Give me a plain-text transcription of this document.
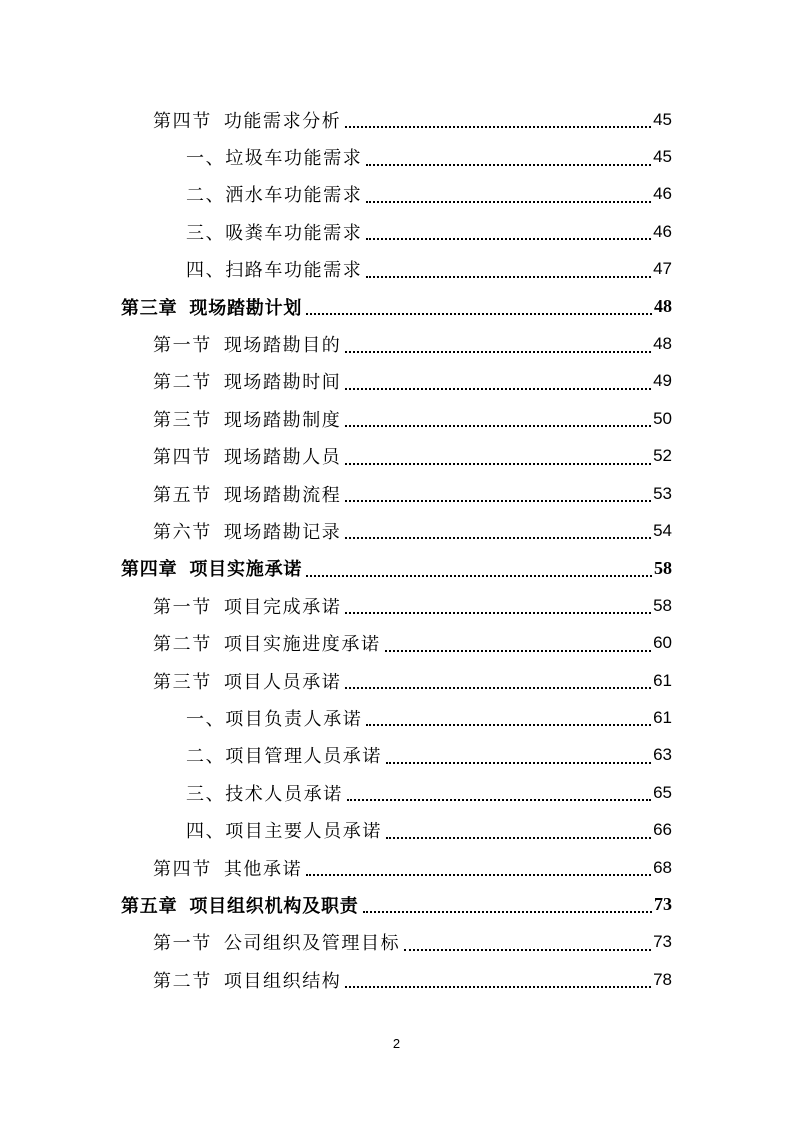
第四节 功能需求分析	45
一、垃圾车功能需求	45
二、洒水车功能需求	46
三、吸粪车功能需求	46
四、扫路车功能需求	47
第三章 现场踏勘计划	48
第一节 现场踏勘目的	48
第二节 现场踏勘时间	49
第三节 现场踏勘制度	50
第四节 现场踏勘人员	52
第五节 现场踏勘流程	53
第六节 现场踏勘记录	54
第四章 项目实施承诺	58
第一节 项目完成承诺	58
第二节 项目实施进度承诺	60
第三节 项目人员承诺	61
一、项目负责人承诺	61
二、项目管理人员承诺	63
三、技术人员承诺	65
四、项目主要人员承诺	66
第四节 其他承诺	68
第五章 项目组织机构及职责	73
第一节 公司组织及管理目标	73
第二节 项目组织结构	78
2
